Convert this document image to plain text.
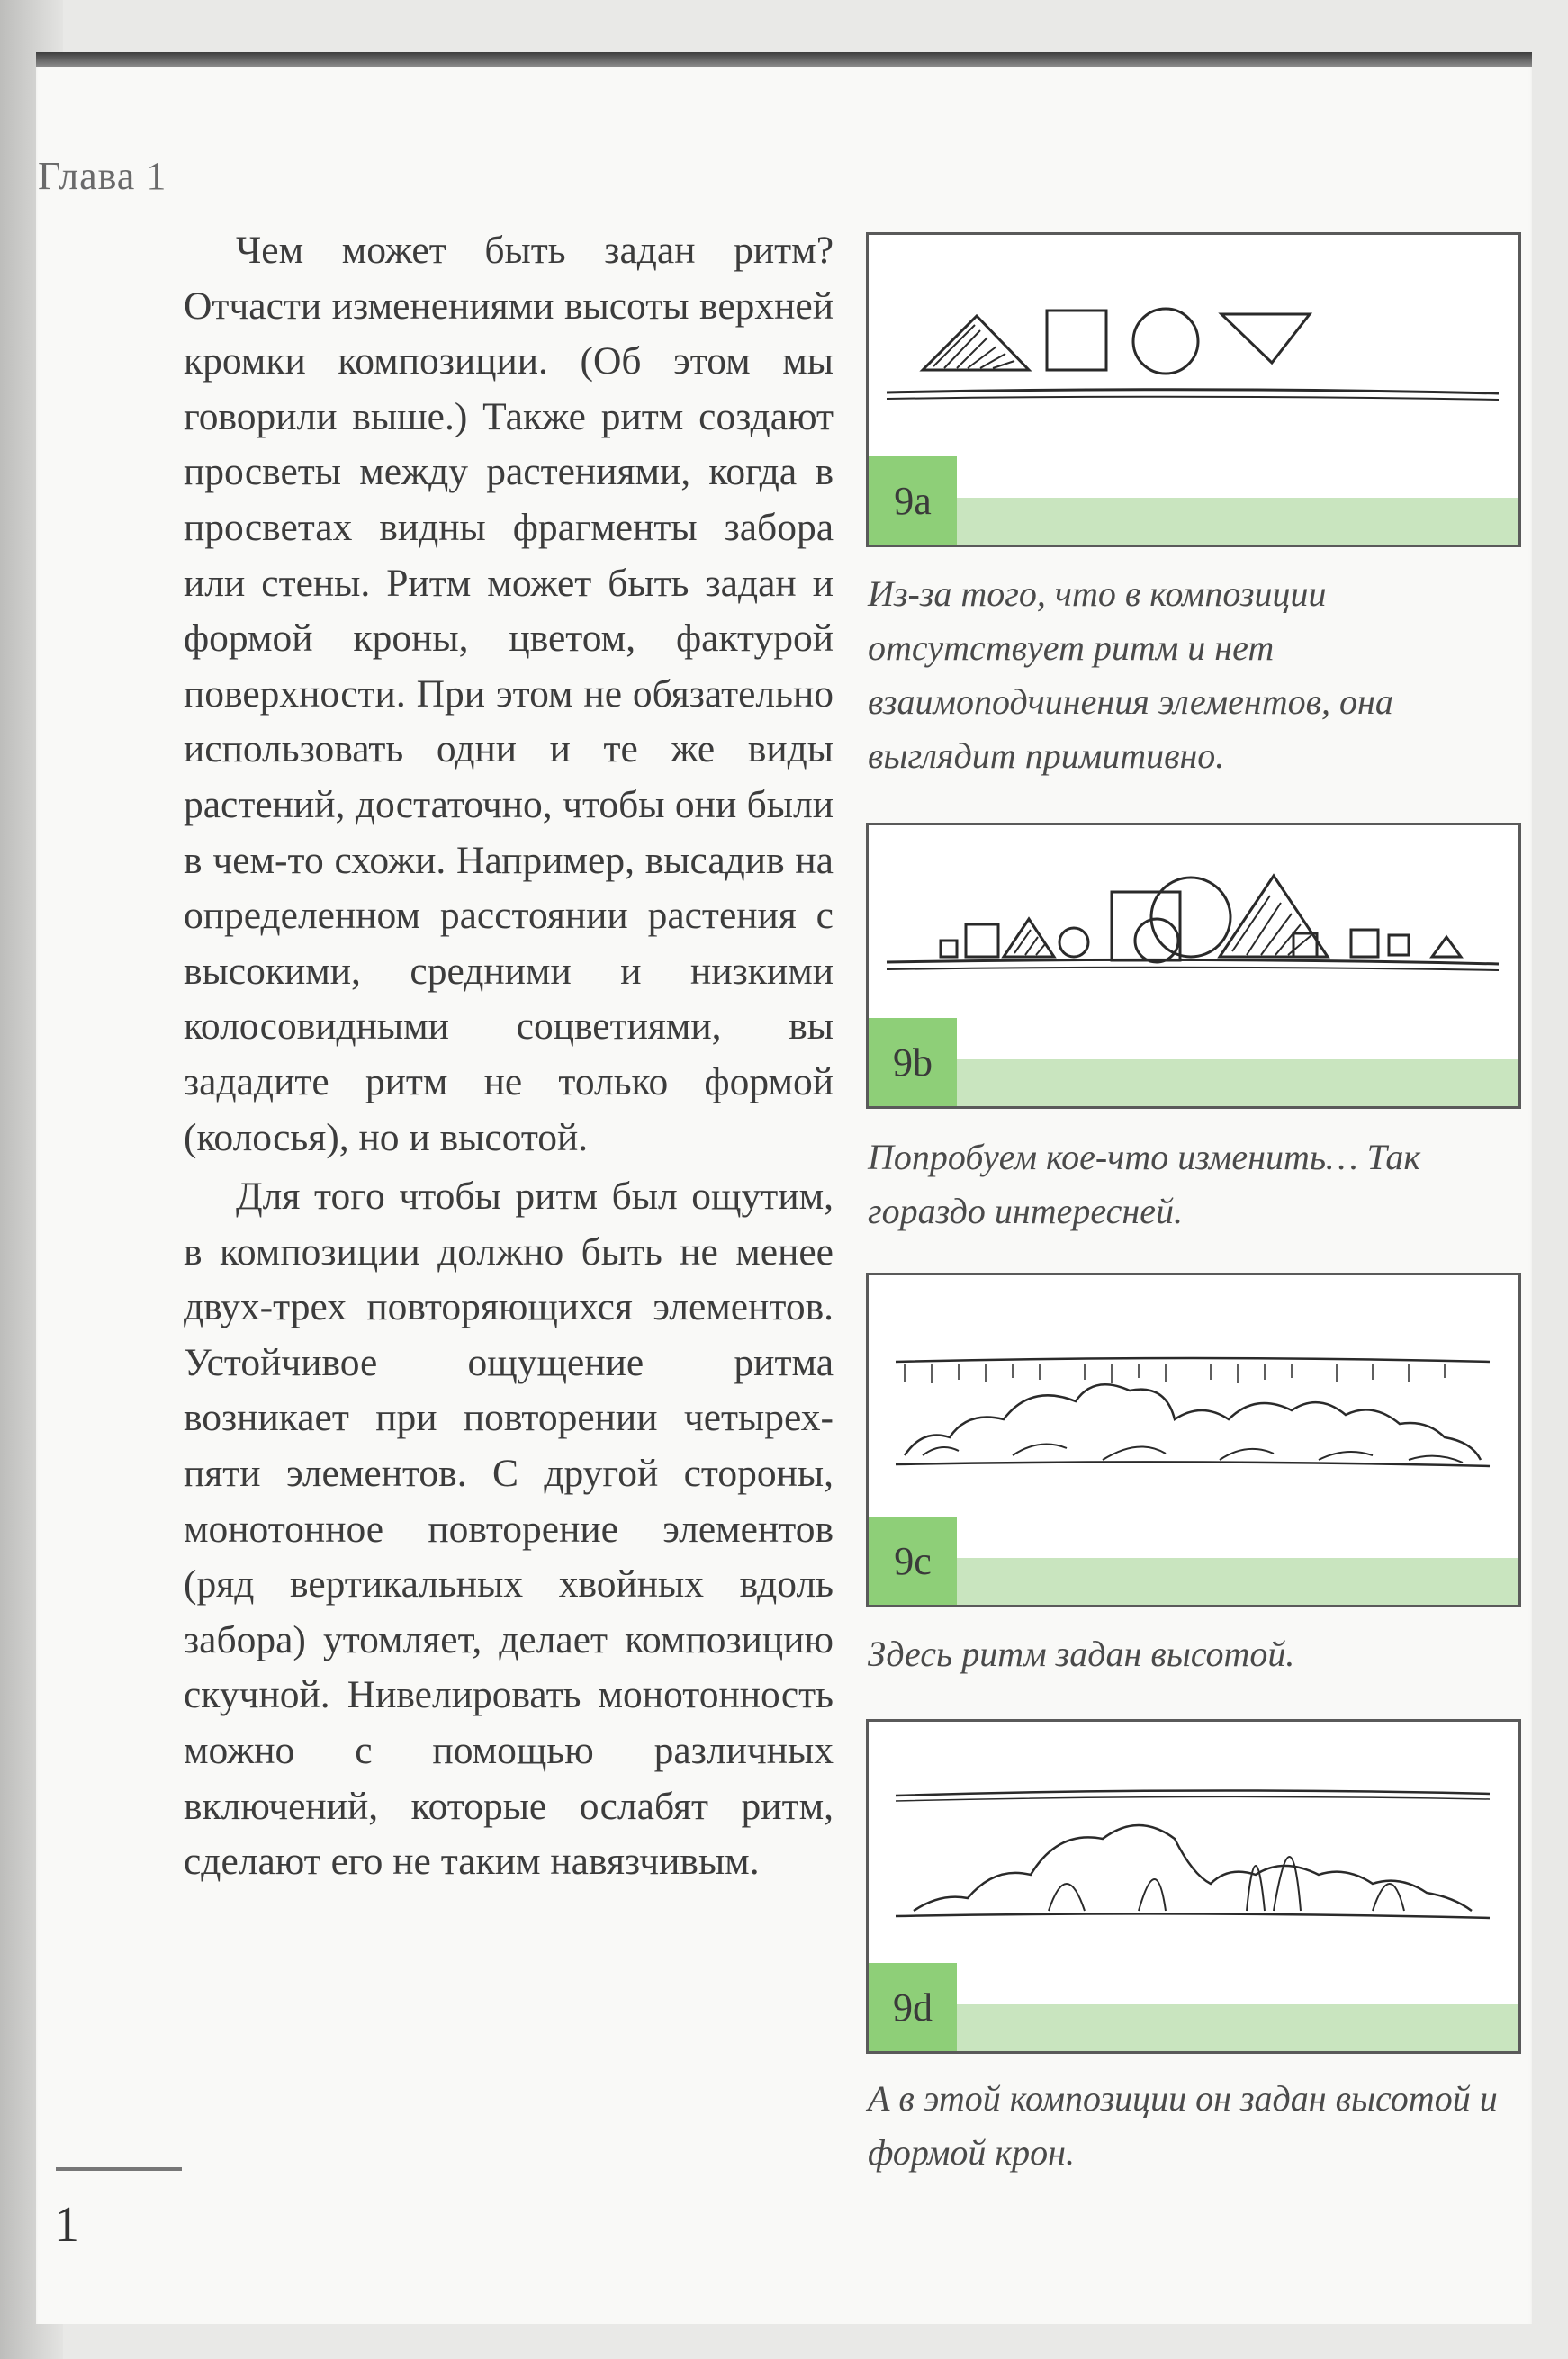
Глава 1

Чем может быть задан ритм? Отчасти изменениями высоты верхней кромки композиции. (Об этом мы говорили выше.) Также ритм создают просветы между растениями, когда в просветах видны фрагменты забора или стены. Ритм может быть задан и формой кроны, цветом, фактурой поверхности. При этом не обязательно использовать одни и те же виды растений, достаточно, чтобы они были в чем-то схожи. Например, высадив на определенном расстоянии растения с высокими, средними и низкими колосовидными соцветиями, вы зададите ритм не только формой (колосья), но и высотой.

Для того чтобы ритм был ощутим, в композиции должно быть не менее двух-трех повторяющихся элементов. Устойчивое ощущение ритма возникает при повторении четырех-пяти элементов. С другой стороны, монотонное повторение элементов (ряд вертикальных хвойных вдоль забора) утомляет, делает композицию скучной. Нивелировать монотонность можно с помощью различных включений, которые ослабят ритм, сделают его не таким навязчивым.

1
9a
Из-за того, что в композиции отсутствует ритм и нет взаимоподчинения элементов, она выглядит примитивно.
9b
Попробуем кое-что изменить… Так гораздо интересней.
9c
Здесь ритм задан высотой.
9d
А в этой композиции он задан высотой и формой крон.
